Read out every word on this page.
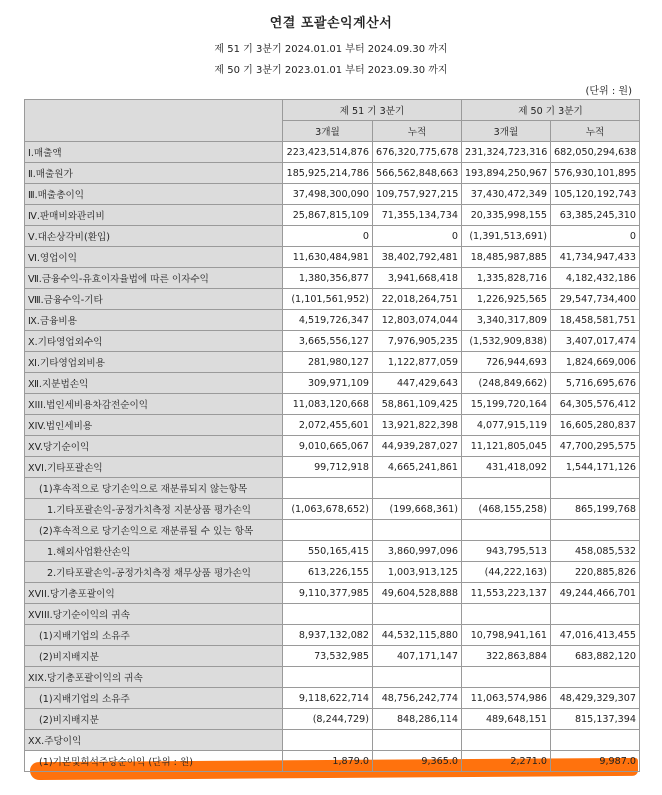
연결 포괄손익계산서
제 51 기 3분기 2024.01.01 부터 2024.09.30 까지
제 50 기 3분기 2023.01.01 부터 2023.09.30 까지
(단위 : 원)
	제 51 기 3분기		제 50 기 3분기	
	3개월	누적	3개월	누적
Ⅰ.매출액	223,423,514,876	676,320,775,678	231,324,723,316	682,050,294,638
Ⅱ.매출원가	185,925,214,786	566,562,848,663	193,894,250,967	576,930,101,895
Ⅲ.매출총이익	37,498,300,090	109,757,927,215	37,430,472,349	105,120,192,743
Ⅳ.판매비와관리비	25,867,815,109	71,355,134,734	20,335,998,155	63,385,245,310
Ⅴ.대손상각비(환입)	0	0	(1,391,513,691)	0
Ⅵ.영업이익	11,630,484,981	38,402,792,481	18,485,987,885	41,734,947,433
Ⅶ.금융수익-유효이자율법에 따른 이자수익	1,380,356,877	3,941,668,418	1,335,828,716	4,182,432,186
Ⅷ.금융수익-기타	(1,101,561,952)	22,018,264,751	1,226,925,565	29,547,734,400
Ⅸ.금융비용	4,519,726,347	12,803,074,044	3,340,317,809	18,458,581,751
Ⅹ.기타영업외수익	3,665,556,127	7,976,905,235	(1,532,909,838)	3,407,017,474
Ⅺ.기타영업외비용	281,980,127	1,122,877,059	726,944,693	1,824,669,006
Ⅻ.지분법손익	309,971,109	447,429,643	(248,849,662)	5,716,695,676
XIII.법인세비용차감전순이익	11,083,120,668	58,861,109,425	15,199,720,164	64,305,576,412
XIV.법인세비용	2,072,455,601	13,921,822,398	4,077,915,119	16,605,280,837
XV.당기순이익	9,010,665,067	44,939,287,027	11,121,805,045	47,700,295,575
XVI.기타포괄손익	99,712,918	4,665,241,861	431,418,092	1,544,171,126
(1)후속적으로 당기손익으로 재분류되지 않는항목				
1.기타포괄손익-공정가치측정 지분상품 평가손익	(1,063,678,652)	(199,668,361)	(468,155,258)	865,199,768
(2)후속적으로 당기손익으로 재분류될 수 있는 항목				
1.해외사업환산손익	550,165,415	3,860,997,096	943,795,513	458,085,532
2.기타포괄손익-공정가치측정 채무상품 평가손익	613,226,155	1,003,913,125	(44,222,163)	220,885,826
XVII.당기총포괄이익	9,110,377,985	49,604,528,888	11,553,223,137	49,244,466,701
XVIII.당기순이익의 귀속				
(1)지배기업의 소유주	8,937,132,082	44,532,115,880	10,798,941,161	47,016,413,455
(2)비지배지분	73,532,985	407,171,147	322,863,884	683,882,120
XIX.당기총포괄이익의 귀속				
(1)지배기업의 소유주	9,118,622,714	48,756,242,774	11,063,574,986	48,429,329,307
(2)비지배지분	(8,244,729)	848,286,114	489,648,151	815,137,394
XX.주당이익				
(1)기본및희석주당순이익 (단위 : 원)	1,879.0	9,365.0	2,271.0	9,987.0
